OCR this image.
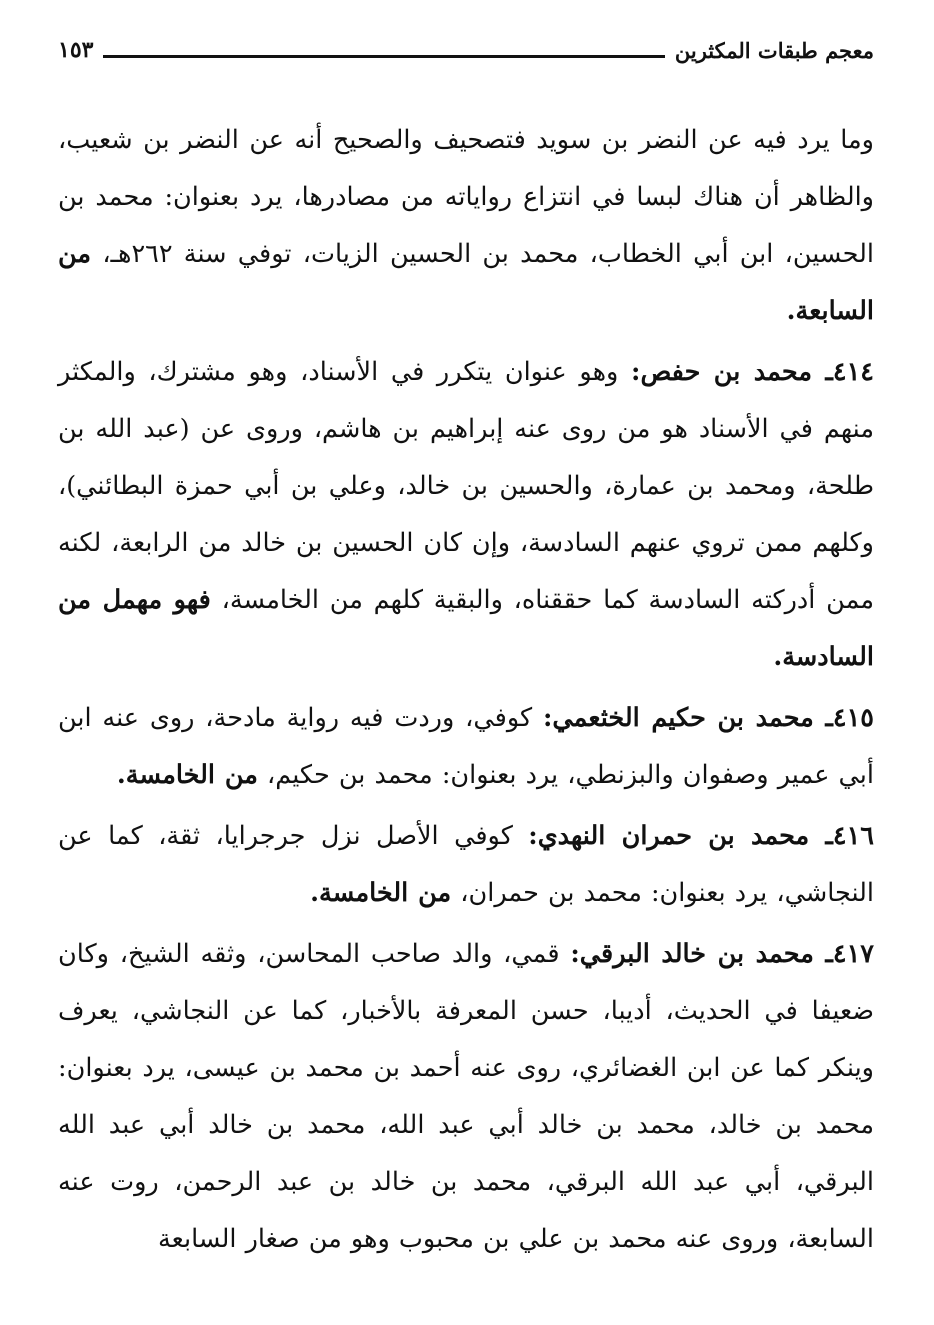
معجم طبقات المكثرين
١٥٣

وما يرد فيه عن النضر بن سويد فتصحيف والصحيح أنه عن النضر بن شعيب، والظاهر أن هناك لبسا في انتزاع رواياته من مصادرها، يرد بعنوان: محمد بن الحسين، ابن أبي الخطاب، محمد بن الحسين الزيات، توفي سنة ٢٦٢هـ، من السابعة.

٤١٤ـ محمد بن حفص: وهو عنوان يتكرر في الأسناد، وهو مشترك، والمكثر منهم في الأسناد هو من روى عنه إبراهيم بن هاشم، وروى عن (عبد الله بن طلحة، ومحمد بن عمارة، والحسين بن خالد، وعلي بن أبي حمزة البطائني)، وكلهم ممن تروي عنهم السادسة، وإن كان الحسين بن خالد من الرابعة، لكنه ممن أدركته السادسة كما حققناه، والبقية كلهم من الخامسة، فهو مهمل من السادسة.

٤١٥ـ محمد بن حكيم الخثعمي: كوفي، وردت فيه رواية مادحة، روى عنه ابن أبي عمير وصفوان والبزنطي، يرد بعنوان: محمد بن حكيم، من الخامسة.

٤١٦ـ محمد بن حمران النهدي: كوفي الأصل نزل جرجرايا، ثقة، كما عن النجاشي، يرد بعنوان: محمد بن حمران، من الخامسة.

٤١٧ـ محمد بن خالد البرقي: قمي، والد صاحب المحاسن، وثقه الشيخ، وكان ضعيفا في الحديث، أديبا، حسن المعرفة بالأخبار، كما عن النجاشي، يعرف وينكر كما عن ابن الغضائري، روى عنه أحمد بن محمد بن عيسى، يرد بعنوان: محمد بن خالد، محمد بن خالد أبي عبد الله، محمد بن خالد أبي عبد الله البرقي، أبي عبد الله البرقي، محمد بن خالد بن عبد الرحمن، روت عنه السابعة، وروى عنه محمد بن علي بن محبوب وهو من صغار السابعة
